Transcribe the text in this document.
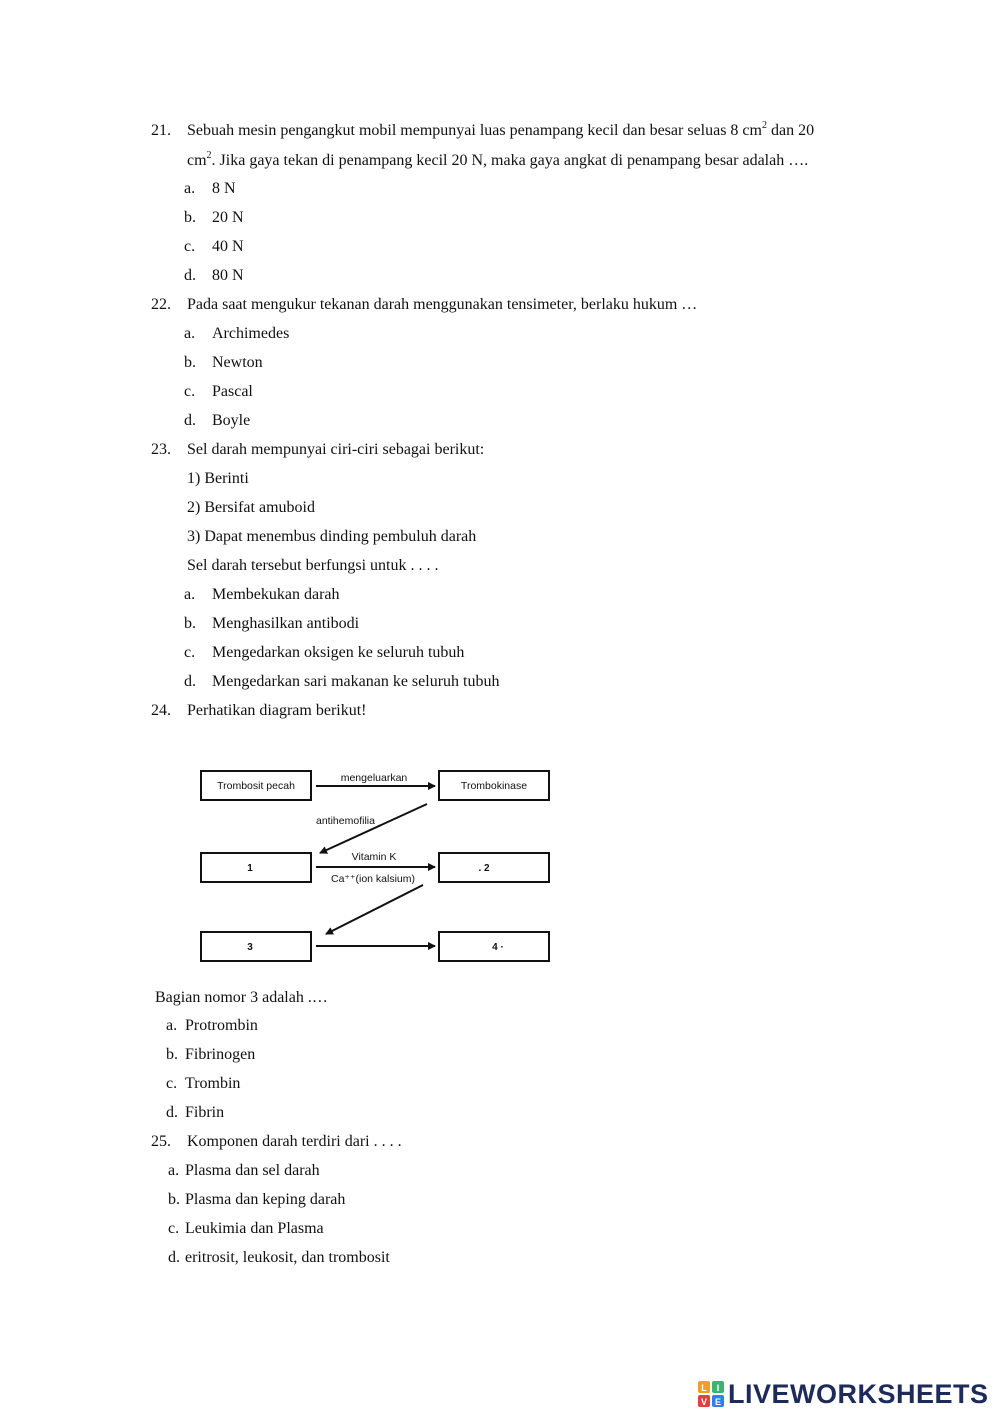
21. Sebuah mesin pengangkut mobil mempunyai luas penampang kecil dan besar seluas 8 $cm^2$ dan 20
$cm^2$. Jika gaya tekan di penampang kecil 20 N, maka gaya angkat di penampang besar adalah ….
a. 8 N
b. 20 N
c. 40 N
d. 80 N
22. Pada saat mengukur tekanan darah menggunakan tensimeter, berlaku hukum …
a. Archimedes
b. Newton
c. Pascal
d. Boyle
23. Sel darah mempunyai ciri-ciri sebagai berikut:
1) Berinti
2) Bersifat amuboid
3) Dapat menembus dinding pembuluh darah
Sel darah tersebut berfungsi untuk . . . .
a. Membekukan darah
b. Menghasilkan antibodi
c. Mengedarkan oksigen ke seluruh tubuh
d. Mengedarkan sari makanan ke seluruh tubuh
24. Perhatikan diagram berikut!
Trombosit pecah	Trombokinase
1	. 2
3	4 ·
mengeluarkan
antihemofilia
Vitamin K
Ca⁺⁺(ion kalsium)
Bagian nomor 3 adalah .…
a. Protrombin
b. Fibrinogen
c. Trombin
d. Fibrin
25. Komponen darah terdiri dari . . . .
a. Plasma dan sel darah
b. Plasma dan keping darah
c. Leukimia dan Plasma
d. eritrosit, leukosit, dan trombosit
L I
V E LIVEWORKSHEETS
